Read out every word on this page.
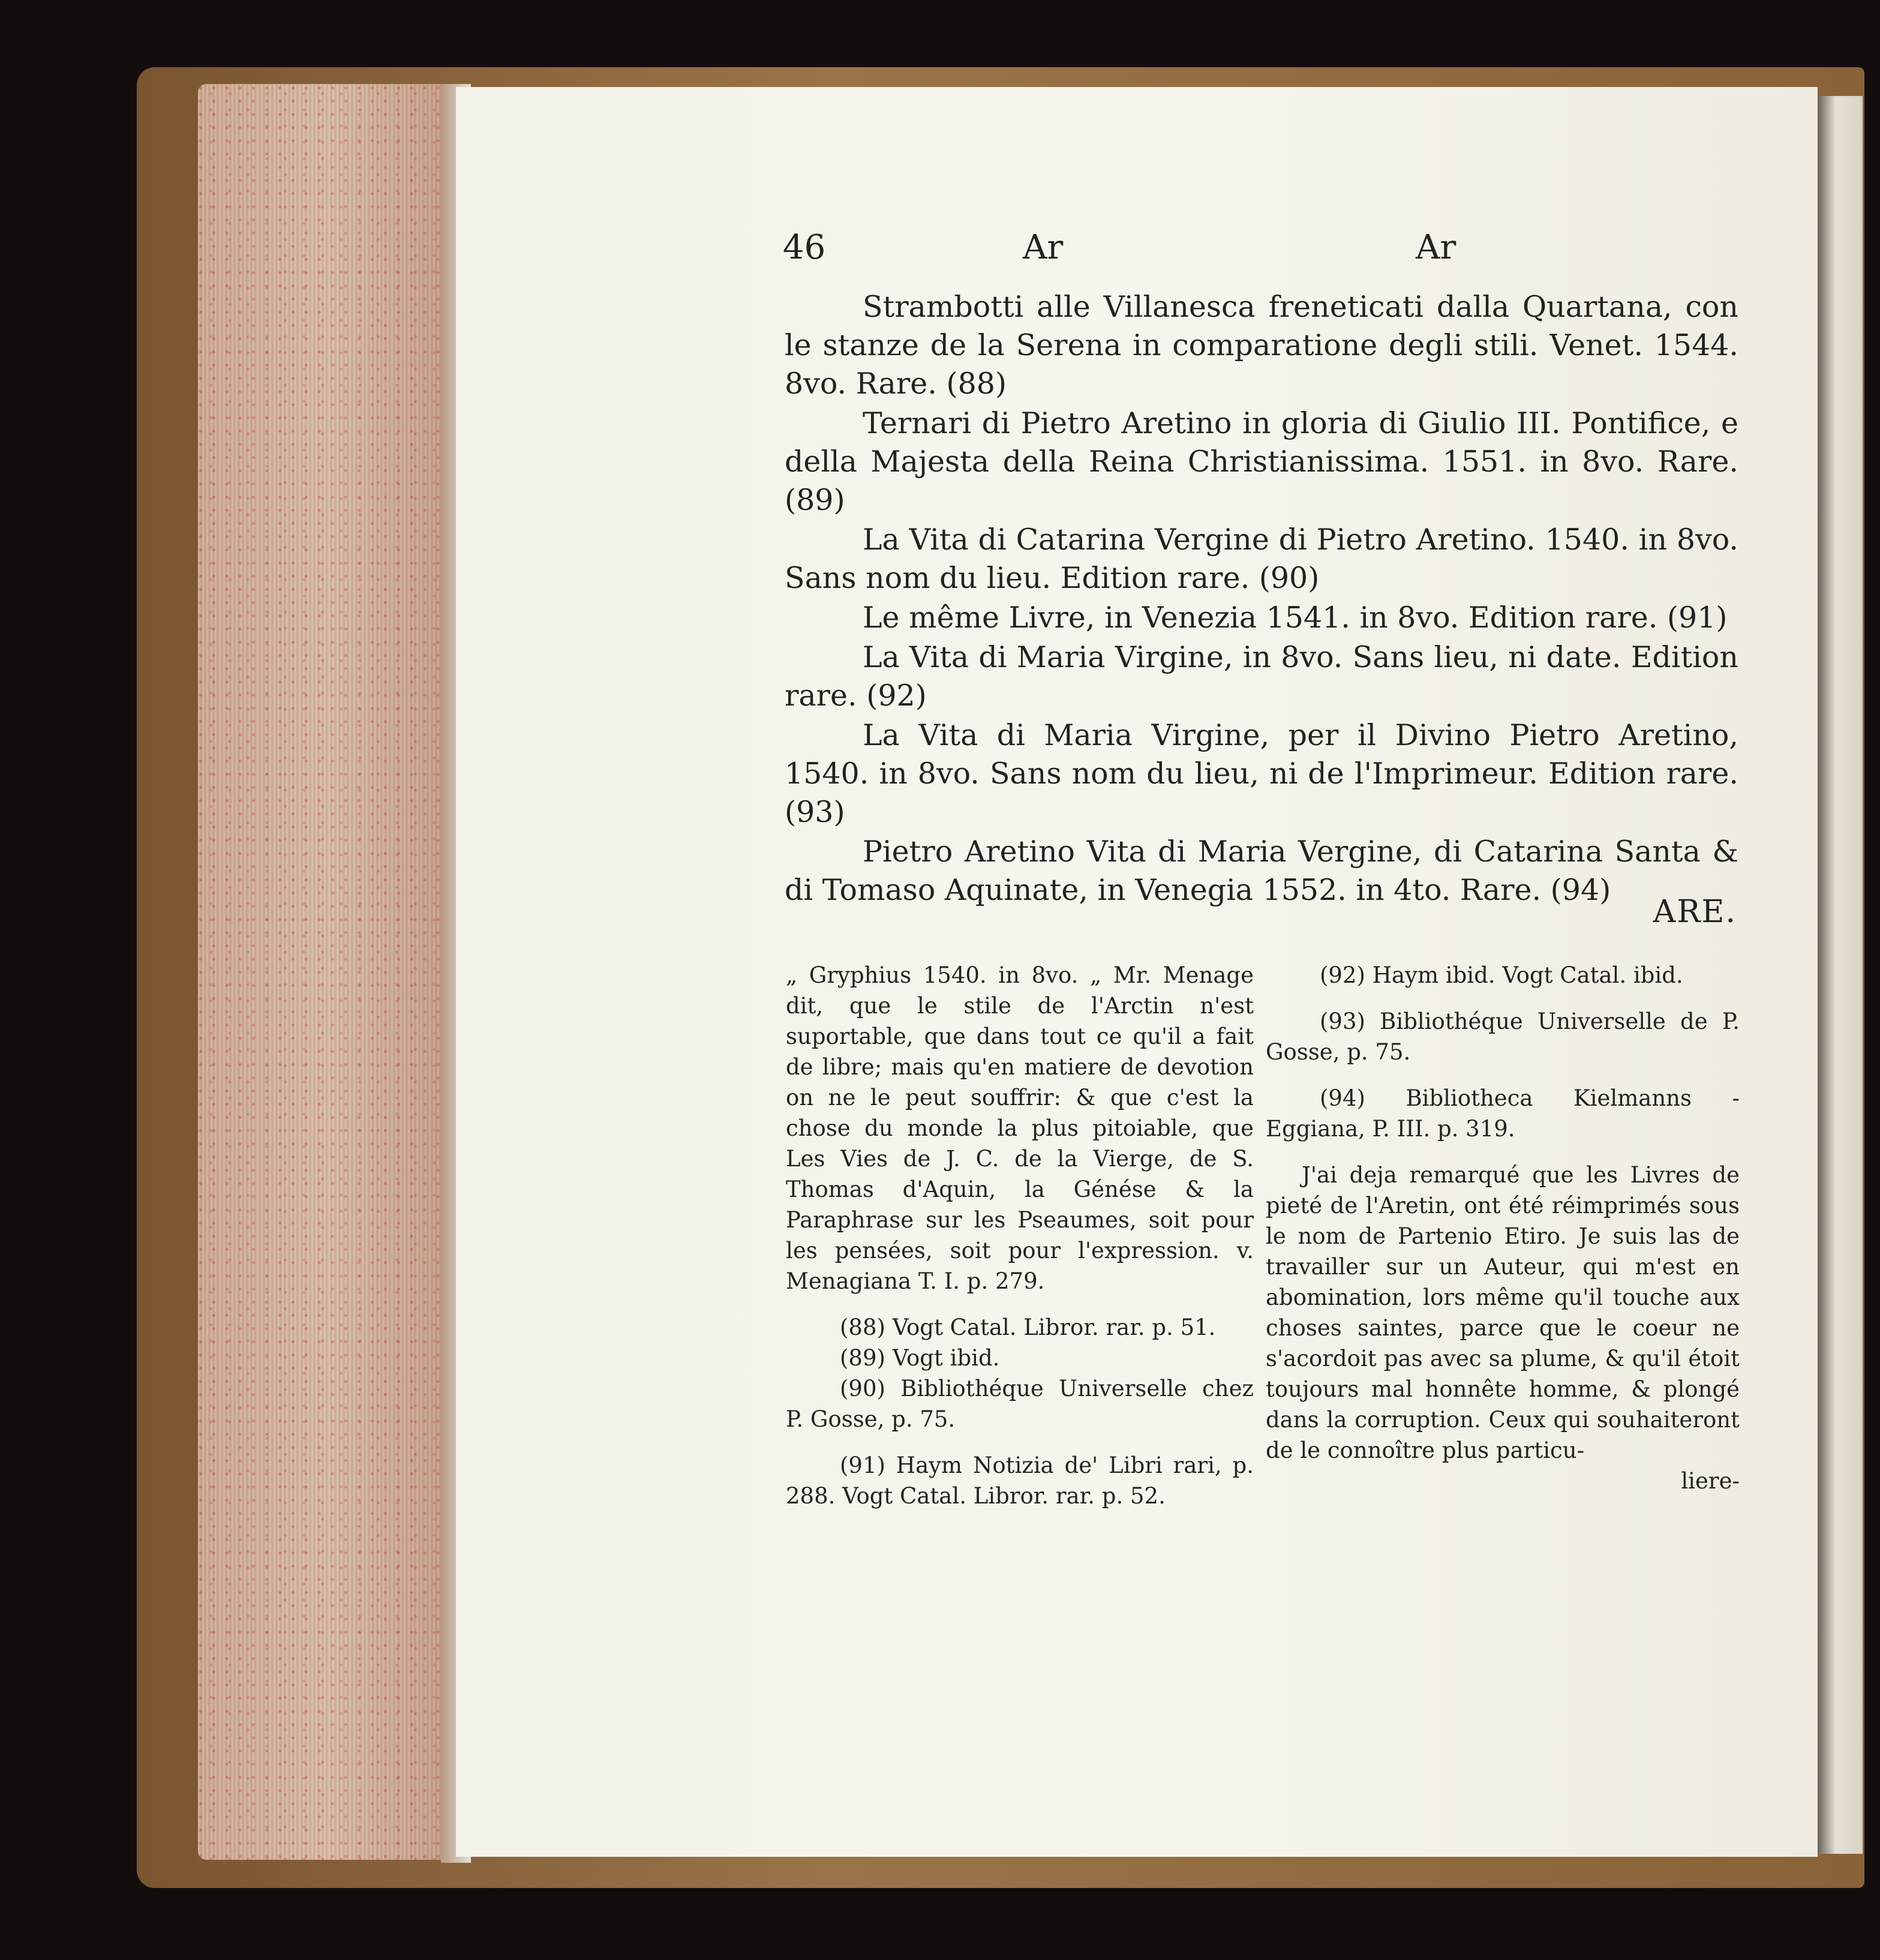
46	Ar	Ar

Strambotti alle Villanesca freneticati dalla Quartana, con le stanze de la Serena in comparatione degli stili. Venet. 1544. 8vo. Rare. (88)

Ternari di Pietro Aretino in gloria di Giulio III. Pontifice, e della Majesta della Reina Christianissima. 1551. in 8vo. Rare. (89)

La Vita di Catarina Vergine di Pietro Aretino. 1540. in 8vo. Sans nom du lieu. Edition rare. (90)

Le même Livre, in Venezia 1541. in 8vo. Edition rare. (91)

La Vita di Maria Virgine, in 8vo. Sans lieu, ni date. Edition rare. (92)

La Vita di Maria Virgine, per il Divino Pietro Aretino, 1540. in 8vo. Sans nom du lieu, ni de l'Imprimeur. Edition rare. (93)

Pietro Aretino Vita di Maria Vergine, di Catarina Santa & di Tomaso Aquinate, in Venegia 1552. in 4to. Rare. (94)

ARE.

„ Gryphius 1540. in 8vo. „ Mr. Menage dit, que le stile de l'Arctin n'est suportable, que dans tout ce qu'il a fait de libre; mais qu'en matiere de devotion on ne le peut souffrir: & que c'est la chose du monde la plus pitoiable, que Les Vies de J. C. de la Vierge, de S. Thomas d'Aquin, la Génése & la Paraphrase sur les Pseaumes, soit pour les pensées, soit pour l'expression. v. Menagiana T. I. p. 279.

(88) Vogt Catal. Libror. rar. p. 51.

(89) Vogt ibid.

(90) Bibliothéque Universelle chez P. Gosse, p. 75.

(91) Haym Notizia de' Libri rari, p. 288. Vogt Catal. Libror. rar. p. 52.

(92) Haym ibid. Vogt Catal. ibid.

(93) Bibliothéque Universelle de P. Gosse, p. 75.

(94) Bibliotheca Kielmanns - Eggiana, P. III. p. 319.

J'ai deja remarqué que les Livres de pieté de l'Aretin, ont été réimprimés sous le nom de Partenio Etiro. Je suis las de travailler sur un Auteur, qui m'est en abomination, lors même qu'il touche aux choses saintes, parce que le coeur ne s'acordoit pas avec sa plume, & qu'il étoit toujours mal honnête homme, & plongé dans la corruption. Ceux qui souhaiteront de le connoître plus particu-

liere-
